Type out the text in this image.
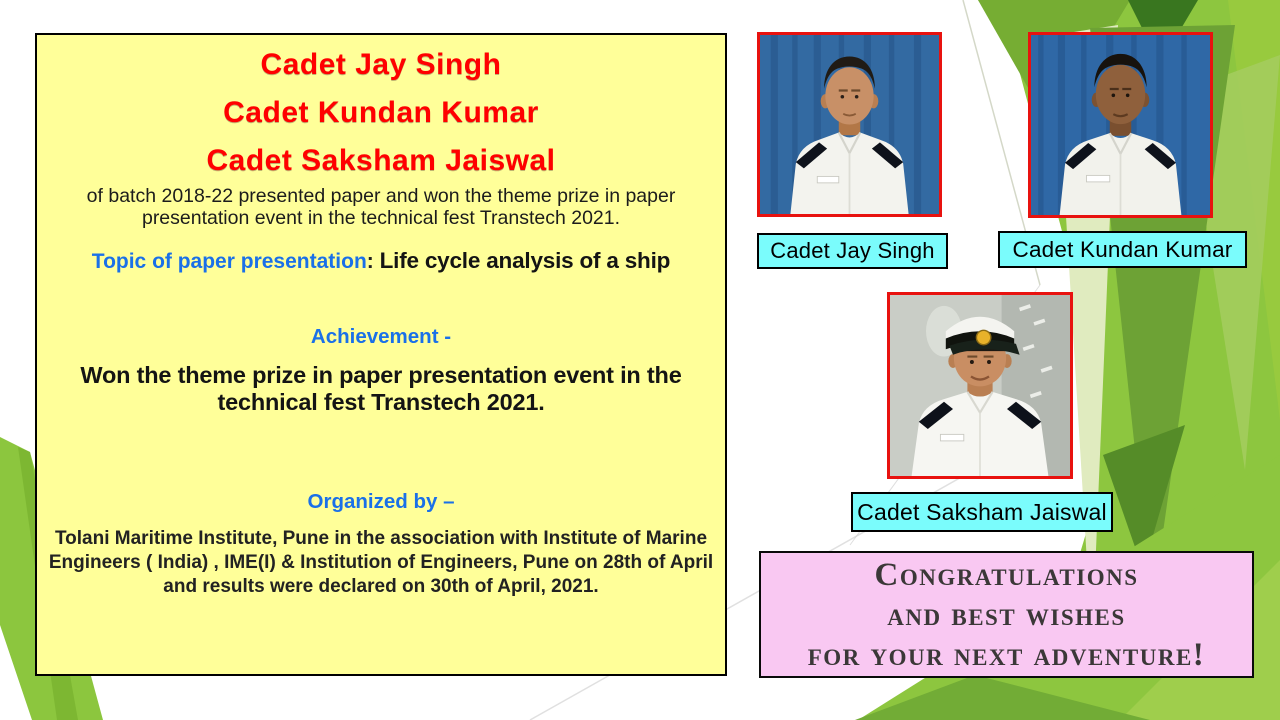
Cadet Jay Singh
Cadet Kundan Kumar
Cadet Saksham Jaiswal
of batch 2018-22 presented paper and won the theme prize in paper presentation event in the technical fest Transtech 2021.
Topic of paper presentation: Life cycle analysis of a ship
Achievement -
Won the theme prize in paper presentation event in the technical fest Transtech 2021.
Organized by –
Tolani Maritime Institute, Pune in the association with Institute of Marine Engineers ( India) , IME(I) & Institution of Engineers, Pune on 28th of April and results were declared on 30th of April, 2021.
Cadet Jay Singh	Cadet Kundan Kumar
Cadet Saksham Jaiswal
Congratulations
and best wishes
for your next adventure!
